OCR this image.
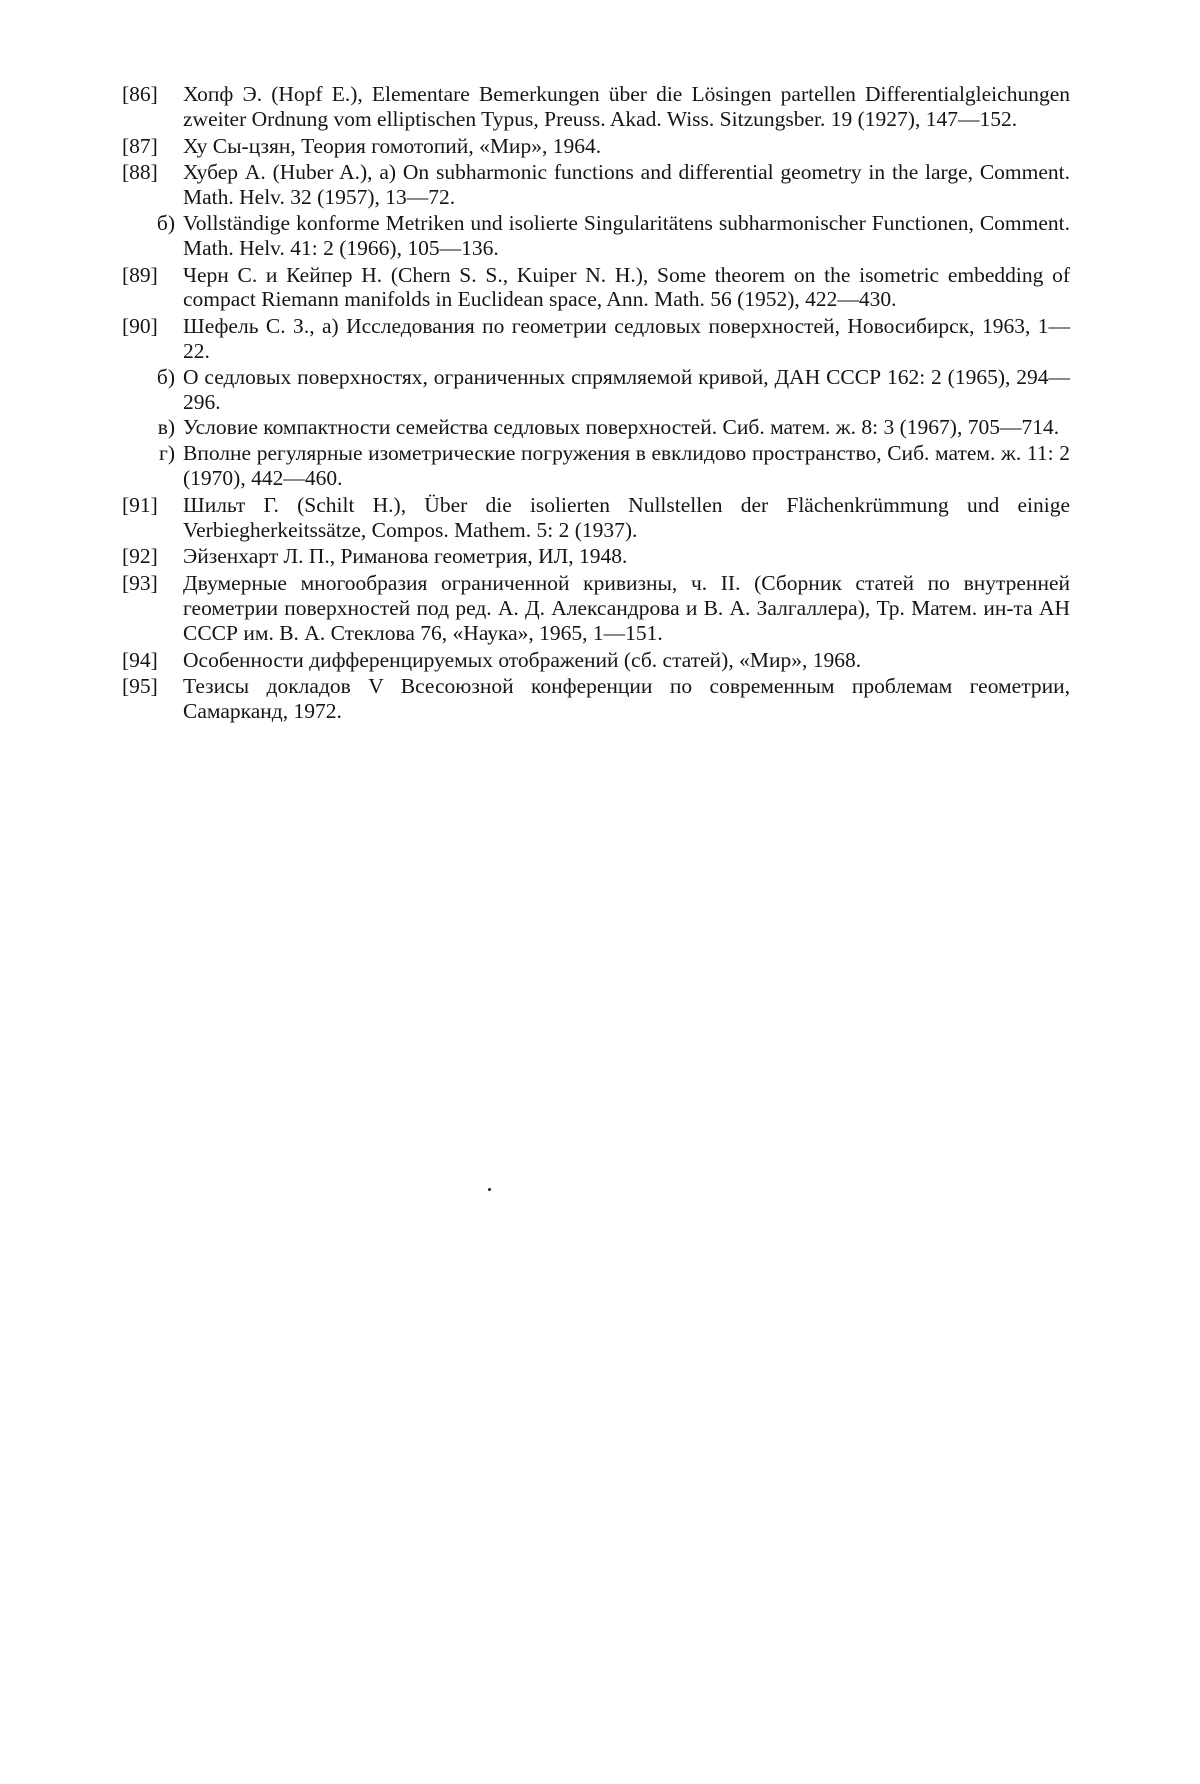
[86]	Хопф Э. (Hopf E.), Elementare Bemerkungen über die Lösingen partellen Differentialgleichungen zweiter Ordnung vom elliptischen Typus, Preuss. Akad. Wiss. Sitzungsber. 19 (1927), 147—152.
[87]	Ху Сы-цзян, Теория гомотопий, «Мир», 1964.
[88]	Хубер А. (Huber A.), a) On subharmonic functions and differential geometry in the large, Comment. Math. Helv. 32 (1957), 13—72.
б) Vollständige konforme Metriken und isolierte Singularitätens subharmonischer Functionen, Comment. Math. Helv. 41: 2 (1966), 105—136.
[89]	Черн С. и Кейпер Н. (Chern S. S., Kuiper N. H.), Some theorem on the isometric embedding of compact Riemann manifolds in Euclidean space, Ann. Math. 56 (1952), 422—430.
[90]	Шефель С. З., а) Исследования по геометрии седловых поверхностей, Новосибирск, 1963, 1—22.
б) О седловых поверхностях, ограниченных спрямляемой кривой, ДАН СССР 162: 2 (1965), 294—296.
в) Условие компактности семейства седловых поверхностей. Сиб. матем. ж. 8: 3 (1967), 705—714.
г) Вполне регулярные изометрические погружения в евклидово пространство, Сиб. матем. ж. 11: 2 (1970), 442—460.
[91]	Шильт Г. (Schilt H.), Über die isolierten Nullstellen der Flächenkrümmung und einige Verbiegherkeitssätze, Compos. Mathem. 5: 2 (1937).
[92]	Эйзенхарт Л. П., Риманова геометрия, ИЛ, 1948.
[93]	Двумерные многообразия ограниченной кривизны, ч. II. (Сборник статей по внутренней геометрии поверхностей под ред. А. Д. Александрова и В. А. Залгаллера), Тр. Матем. ин-та АН СССР им. В. А. Стеклова 76, «Наука», 1965, 1—151.
[94]	Особенности дифференцируемых отображений (сб. статей), «Мир», 1968.
[95]	Тезисы докладов V Всесоюзной конференции по современным проблемам геометрии, Самарканд, 1972.
